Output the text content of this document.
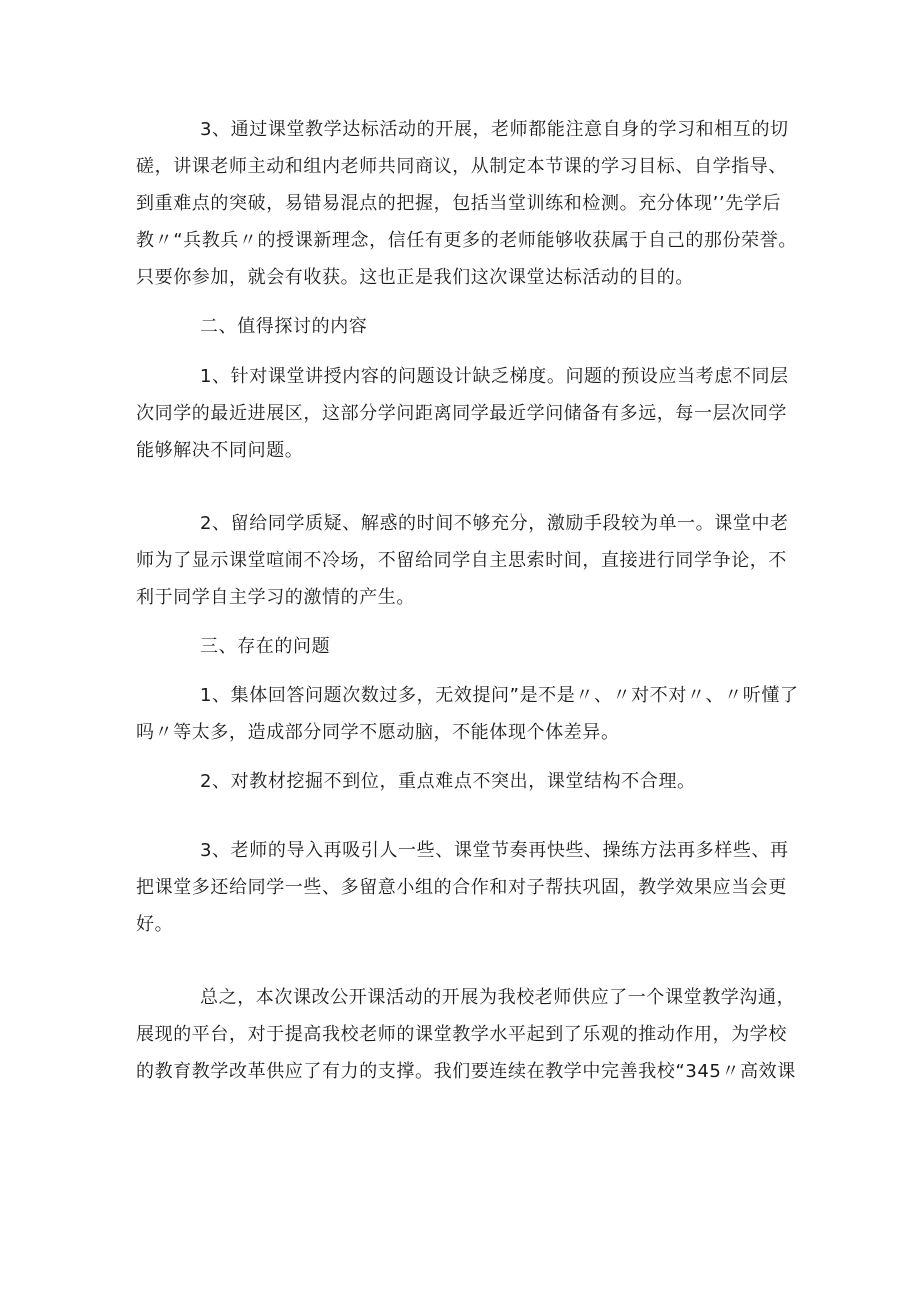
3、通过课堂教学达标活动的开展，老师都能注意自身的学习和相互的切
磋，讲课老师主动和组内老师共同商议，从制定本节课的学习目标、自学指导、
到重难点的突破，易错易混点的把握，包括当堂训练和检测。充分体现’’先学后
教〃“兵教兵〃的授课新理念，信任有更多的老师能够收获属于自己的那份荣誉。
只要你参加，就会有收获。这也正是我们这次课堂达标活动的目的。
二、值得探讨的内容
1、针对课堂讲授内容的问题设计缺乏梯度。问题的预设应当考虑不同层
次同学的最近进展区，这部分学问距离同学最近学问储备有多远，每一层次同学
能够解决不同问题。
2、留给同学质疑、解惑的时间不够充分，激励手段较为单一。课堂中老
师为了显示课堂喧闹不冷场，不留给同学自主思索时间，直接进行同学争论，不
利于同学自主学习的激情的产生。
三、存在的问题
1、集体回答问题次数过多，无效提问”是不是〃、〃对不对〃、〃听懂了
吗〃等太多，造成部分同学不愿动脑，不能体现个体差异。
2、对教材挖掘不到位，重点难点不突出，课堂结构不合理。
3、老师的导入再吸引人一些、课堂节奏再快些、操练方法再多样些、再
把课堂多还给同学一些、多留意小组的合作和对子帮扶巩固，教学效果应当会更
好。
总之，本次课改公开课活动的开展为我校老师供应了一个课堂教学沟通，
展现的平台，对于提高我校老师的课堂教学水平起到了乐观的推动作用，为学校
的教育教学改革供应了有力的支撑。我们要连续在教学中完善我校“345〃高效课
